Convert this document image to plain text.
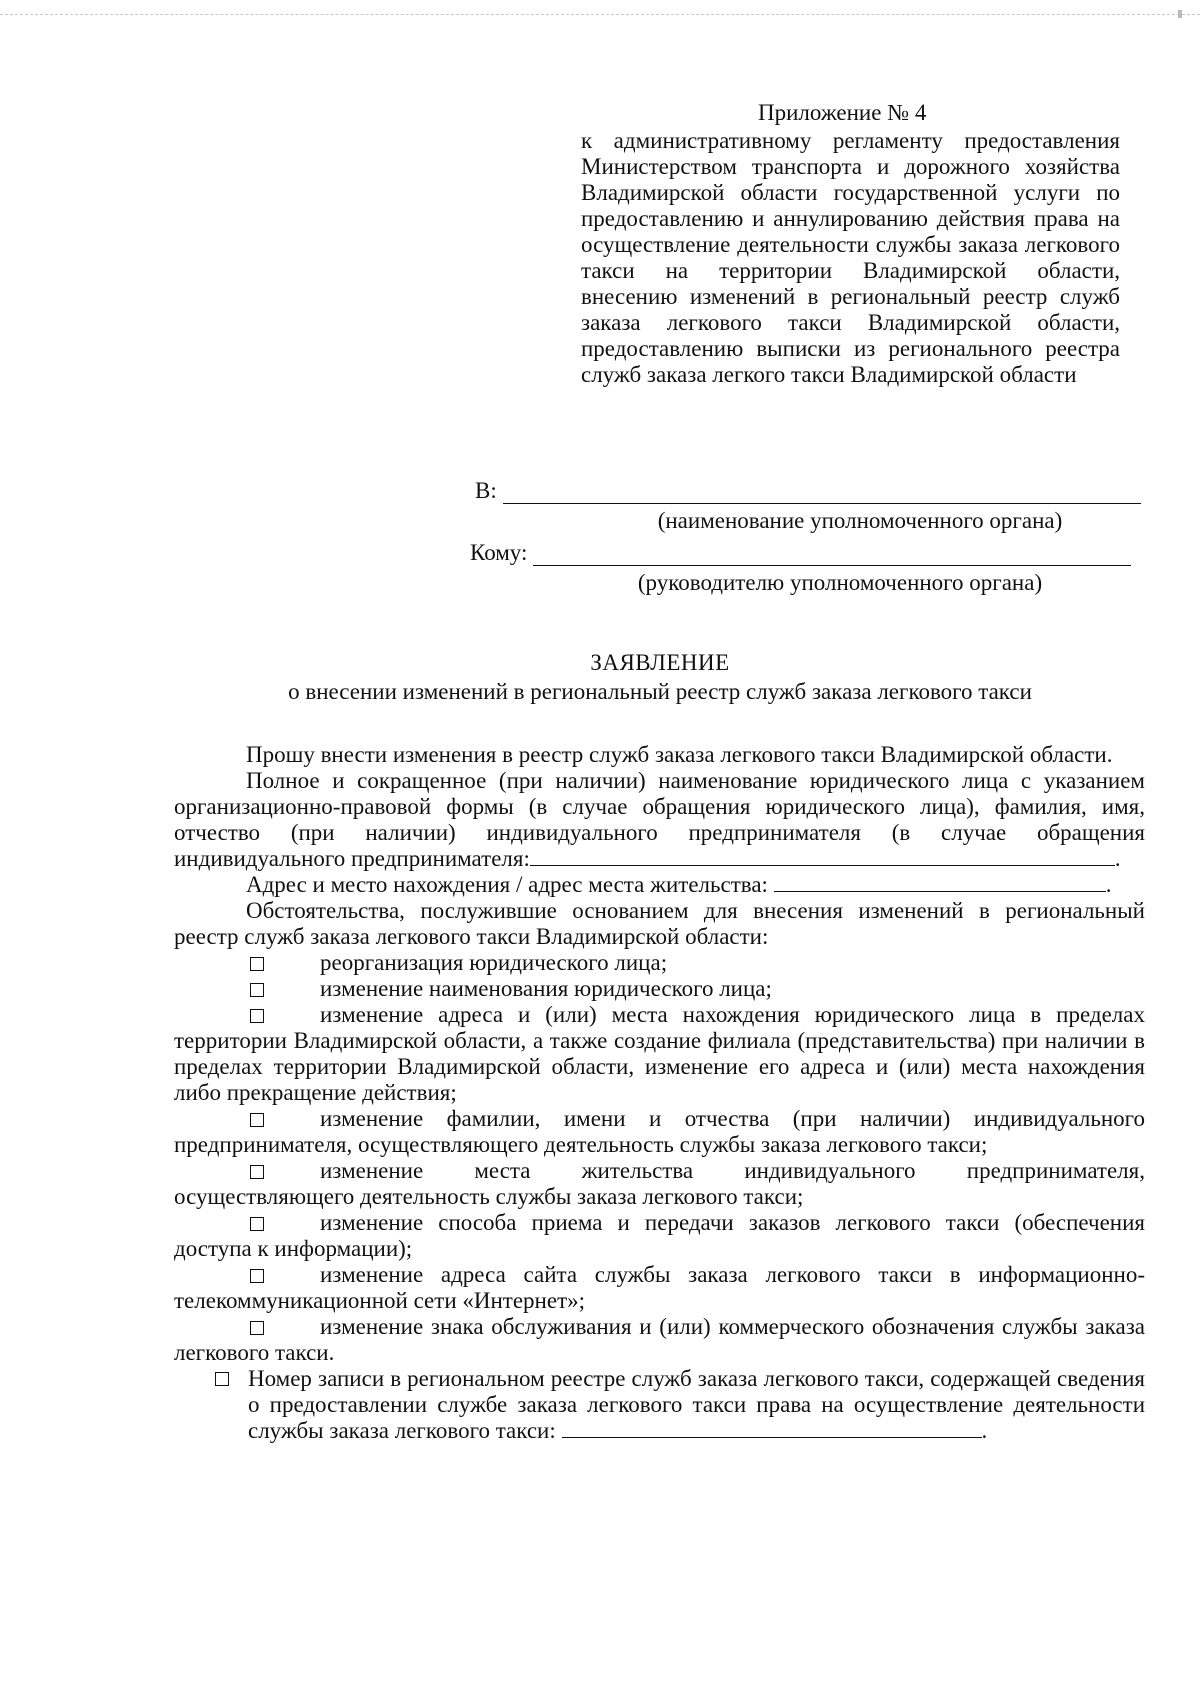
Приложение № 4
к административному регламенту предоставления Министерством транспорта и дорожного хозяйства Владимирской области государственной услуги по предоставлению и аннулированию действия права на осуществление деятельности службы заказа легкового такси на территории Владимирской области, внесению изменений в региональный реестр служб заказа легкового такси Владимирской области, предоставлению выписки из регионального реестра служб заказа легкого такси Владимирской области
В:
(наименование уполномоченного органа)
Кому:
(руководителю уполномоченного органа)
ЗАЯВЛЕНИЕ
о внесении изменений в региональный реестр служб заказа легкового такси

Прошу внести изменения в реестр служб заказа легкового такси Владимирской области.

Полное и сокращенное (при наличии) наименование юридического лица с указанием организационно-правовой формы (в случае обращения юридического лица), фамилия, имя, отчество (при наличии) индивидуального предпринимателя (в случае обращения индивидуального предпринимателя:	.

Адрес и место нахождения / адрес места жительства:	.

Обстоятельства, послужившие основанием для внесения изменений в региональный реестр служб заказа легкового такси Владимирской области:

реорганизация юридического лица;
изменение наименования юридического лица;

изменение адреса и (или) места нахождения юридического лица в пределах территории Владимирской области, а также создание филиала (представительства) при наличии в пределах территории Владимирской области, изменение его адреса и (или) места нахождения либо прекращение действия;

изменение фамилии, имени и отчества (при наличии) индивидуального предпринимателя, осуществляющего деятельность службы заказа легкового такси;

изменение места жительства индивидуального предпринимателя, осуществляющего деятельность службы заказа легкового такси;

изменение способа приема и передачи заказов легкового такси (обеспечения доступа к информации);

изменение адреса сайта службы заказа легкового такси в информационно-телекоммуникационной сети «Интернет»;

изменение знака обслуживания и (или) коммерческого обозначения службы заказа легкового такси.

Номер записи в региональном реестре служб заказа легкового такси, содержащей сведения о предоставлении службе заказа легкового такси права на осуществление деятельности службы заказа легкового такси:	.
